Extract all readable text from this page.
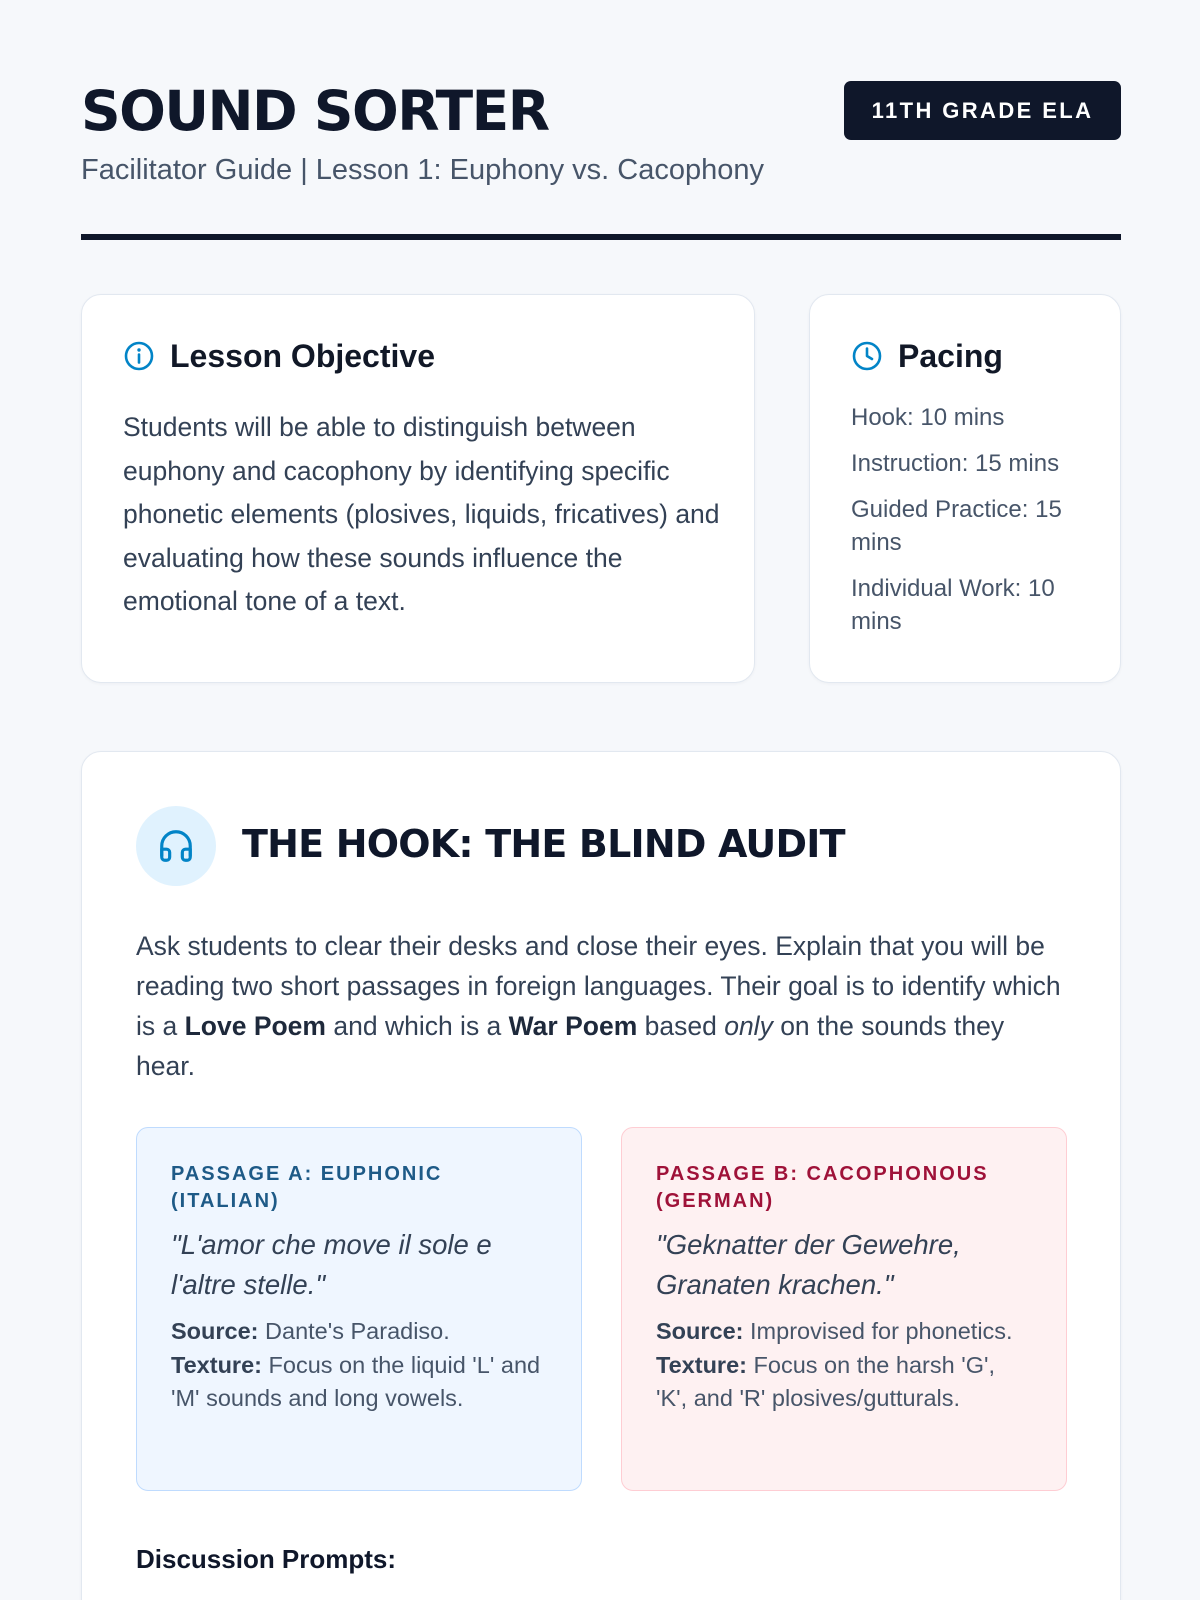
SOUND SORTER
Facilitator Guide | Lesson 1: Euphony vs. Cacophony
11TH GRADE ELA
Lesson Objective

Students will be able to distinguish between euphony and cacophony by identifying specific phonetic elements (plosives, liquids, fricatives) and evaluating how these sounds influence the emotional tone of a text.

Pacing
Hook: 10 mins
Instruction: 15 mins
Guided Practice: 15 mins
Individual Work: 10 mins
THE HOOK: THE BLIND AUDIT

Ask students to clear their desks and close their eyes. Explain that you will be reading two short passages in foreign languages. Their goal is to identify which is a Love Poem and which is a War Poem based only on the sounds they hear.

PASSAGE A: EUPHONIC (ITALIAN)
"L'amor che move il sole e l'altre stelle."
Source: Dante's Paradiso.
Texture: Focus on the liquid 'L' and 'M' sounds and long vowels.
PASSAGE B: CACOPHONOUS (GERMAN)
"Geknatter der Gewehre, Granaten krachen."
Source: Improvised for phonetics.
Texture: Focus on the harsh 'G', 'K', and 'R' plosives/gutturals.
Discussion Prompts:
